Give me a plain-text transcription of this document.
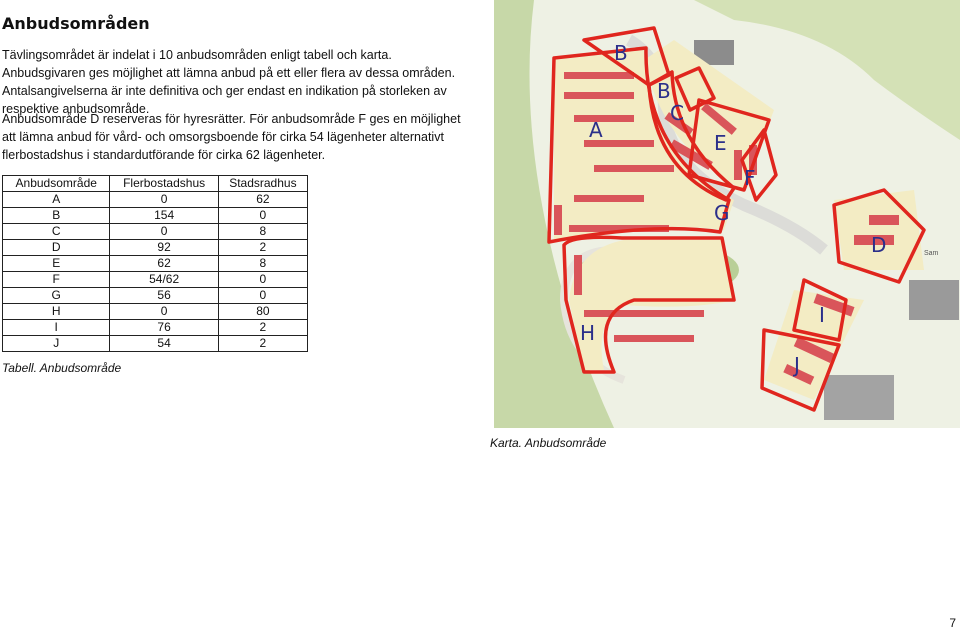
Anbudsområden
Tävlingsområdet är indelat i 10 anbudsområden enligt tabell och karta. Anbudsgivaren ges möjlighet att lämna anbud på ett eller flera av dessa områden. Antalsangivelserna är inte definitiva och ger endast en indikation på storleken av respektive anbudsområde.
Anbudsområde D reserveras för hyresrätter. För anbudsområde F ges en möjlighet att lämna anbud för vård- och omsorgsboende för cirka 54 lägenheter alternativt flerbostadshus i standardutförande för cirka 62 lägenheter.
Anbudsområde	Flerbostadshus	Stadsradhus
A	0	62
B	154	0
C	0	8
D	92	2
E	62	8
F	54/62	0
G	56	0
H	0	80
I	76	2
J	54	2
Tabell. Anbudsområde
B
B
A
C
E
F
G
D
H
I
J
Sam
Karta. Anbudsområde
7
